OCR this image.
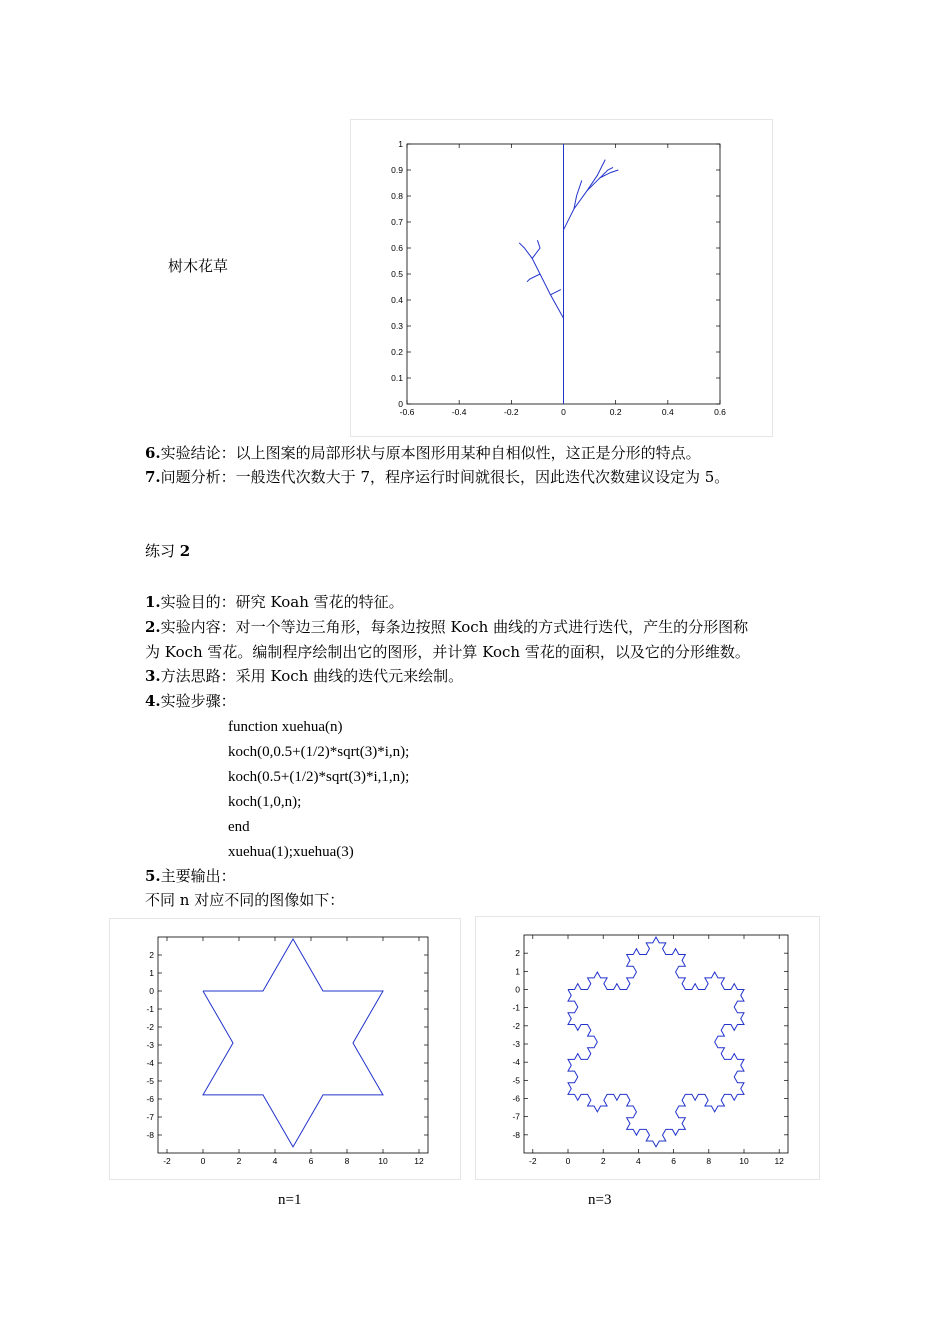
-0.6	-0.4	-0.2	0	0.2	0.4	0.6
0
0.1
0.2
0.3
0.4
0.5
0.6
0.7
0.8
0.9
1
树木花草
6.实验结论：以上图案的局部形状与原本图形用某种自相似性，这正是分形的特点。
7.问题分析：一般迭代次数大于 7，程序运行时间就很长，因此迭代次数建议设定为 5。
练习 2
1.实验目的：研究 Koah 雪花的特征。
2.实验内容：对一个等边三角形，每条边按照 Koch 曲线的方式进行迭代，产生的分形图称
为 Koch 雪花。编制程序绘制出它的图形，并计算 Koch 雪花的面积，以及它的分形维数。
3.方法思路：采用 Koch 曲线的迭代元来绘制。
4.实验步骤：
function xuehua(n)
koch(0,0.5+(1/2)*sqrt(3)*i,n);
koch(0.5+(1/2)*sqrt(3)*i,1,n);
koch(1,0,n);
end
xuehua(1);xuehua(3)
5.主要输出：
不同 n 对应不同的图像如下：
-2	0	2	4	6	8	10	12
2
1
0
-1
-2
-3
-4
-5
-6
-7
-8
-2	0	2	4	6	8	10	12
2
1
0
-1
-2
-3
-4
-5
-6
-7
-8
n=1	n=3
